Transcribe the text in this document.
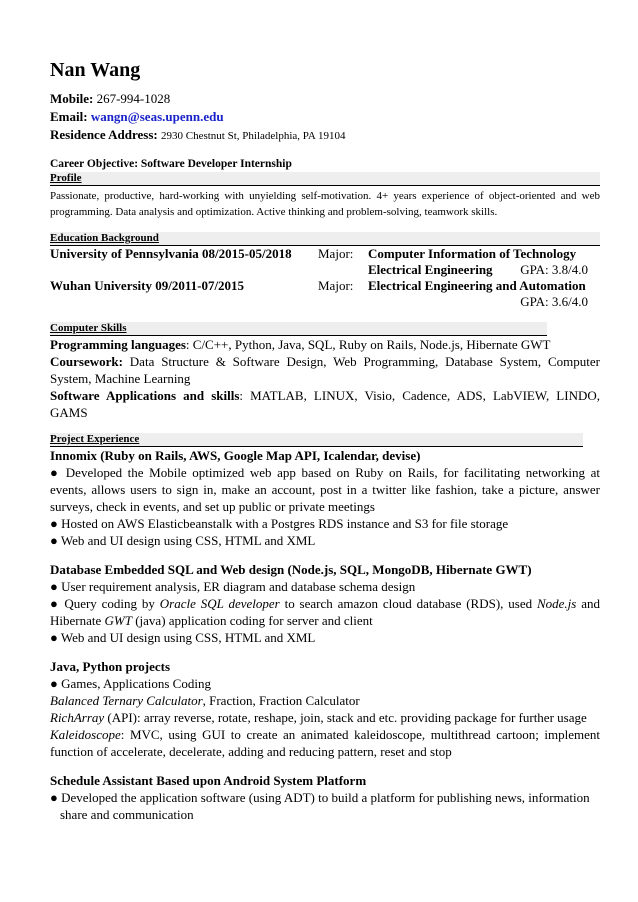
Nan Wang
Mobile: 267-994-1028
Email: wangn@seas.upenn.edu
Residence Address: 2930 Chestnut St, Philadelphia, PA 19104
Career Objective: Software Developer Internship
Profile
Passionate, productive, hard-working with unyielding self-motivation. 4+ years experience of object-oriented and web programming. Data analysis and optimization. Active thinking and problem-solving, teamwork skills.
Education Background
University of Pennsylvania 08/2015-05/2018 Major: Computer Information of Technology
Electrical Engineering GPA: 3.8/4.0
Wuhan University 09/2011-07/2015	Major: Electrical Engineering and Automation
GPA: 3.6/4.0
Computer Skills
Programming languages: C/C++, Python, Java, SQL, Ruby on Rails, Node.js, Hibernate GWT
Coursework: Data Structure & Software Design, Web Programming, Database System, Computer System, Machine Learning
Software Applications and skills: MATLAB, LINUX, Visio, Cadence, ADS, LabVIEW, LINDO, GAMS
Project Experience
Innomix (Ruby on Rails, AWS, Google Map API, Icalendar, devise)
● Developed the Mobile optimized web app based on Ruby on Rails, for facilitating networking at events, allows users to sign in, make an account, post in a twitter like fashion, take a picture, answer surveys, check in events, and set up public or private meetings
● Hosted on AWS Elasticbeanstalk with a Postgres RDS instance and S3 for file storage
● Web and UI design using CSS, HTML and XML
Database Embedded SQL and Web design (Node.js, SQL, MongoDB, Hibernate GWT)
● User requirement analysis, ER diagram and database schema design
● Query coding by Oracle SQL developer to search amazon cloud database (RDS), used Node.js and Hibernate GWT (java) application coding for server and client
● Web and UI design using CSS, HTML and XML
Java, Python projects
● Games, Applications Coding
Balanced Ternary Calculator, Fraction, Fraction Calculator
RichArray (API): array reverse, rotate, reshape, join, stack and etc. providing package for further usage
Kaleidoscope: MVC, using GUI to create an animated kaleidoscope, multithread cartoon; implement function of accelerate, decelerate, adding and reducing pattern, reset and stop
Schedule Assistant Based upon Android System Platform
● Developed the application software (using ADT) to build a platform for publishing news, information share and communication
